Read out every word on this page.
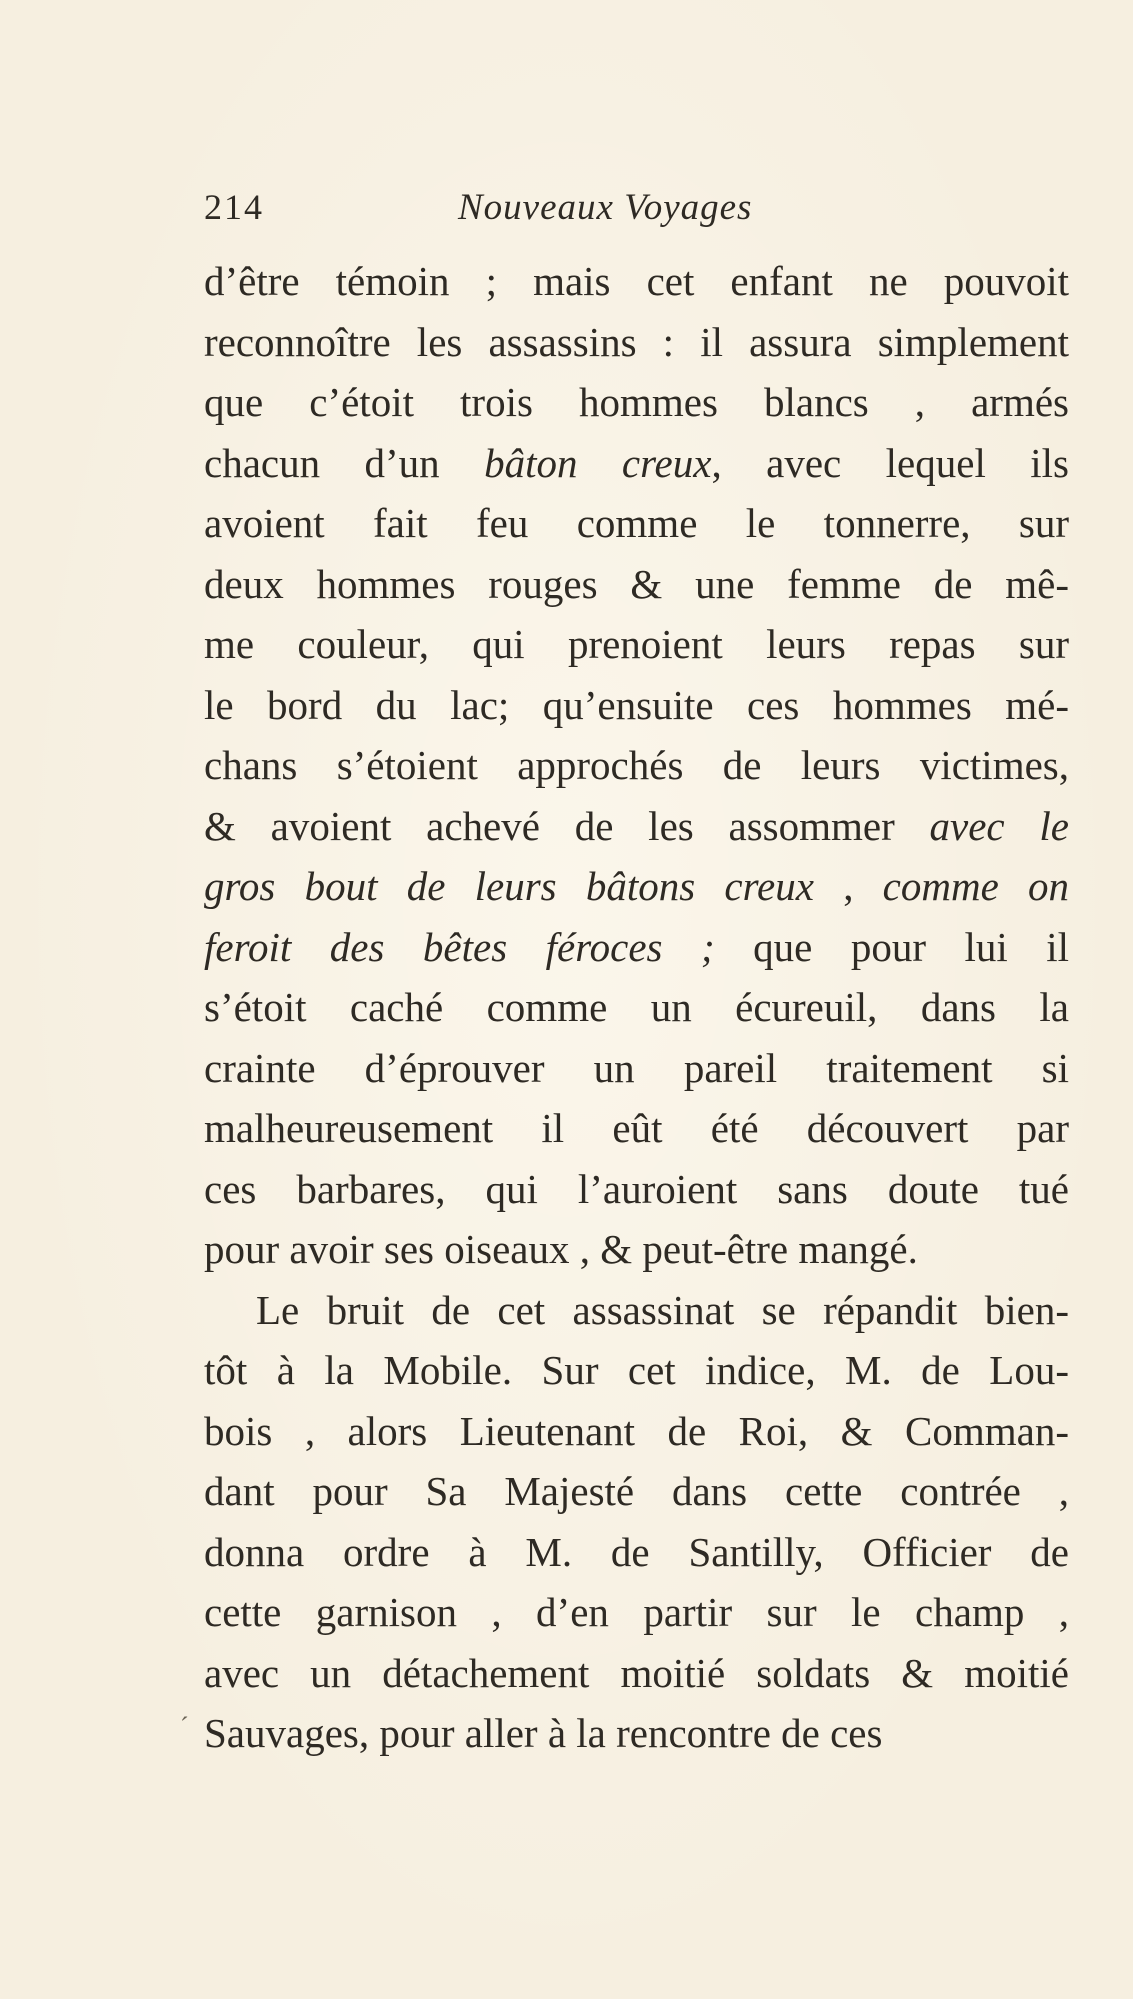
214	Nouveaux Voyages
d’être témoin ; mais cet enfant ne pouvoit
reconnoître les assassins : il assura simplement
que c’étoit trois hommes blancs , armés
chacun d’un bâton creux, avec lequel ils
avoient fait feu comme le tonnerre, sur
deux hommes rouges & une femme de mê-
me couleur, qui prenoient leurs repas sur
le bord du lac; qu’ensuite ces hommes mé-
chans s’étoient approchés de leurs victimes,
& avoient achevé de les assommer avec le
gros bout de leurs bâtons creux , comme on
feroit des bêtes féroces ; que pour lui il
s’étoit caché comme un écureuil, dans la
crainte d’éprouver un pareil traitement si
malheureusement il eût été découvert par
ces barbares, qui l’auroient sans doute tué
pour avoir ses oiseaux , & peut-être mangé.
Le bruit de cet assassinat se répandit bien-
tôt à la Mobile. Sur cet indice, M. de Lou-
bois , alors Lieutenant de Roi, & Comman-
dant pour Sa Majesté dans cette contrée ,
donna ordre à M. de Santilly, Officier de
cette garnison , d’en partir sur le champ ,
avec un détachement moitié soldats & moitié
Sauvages, pour aller à la rencontre de ces
ˊ
